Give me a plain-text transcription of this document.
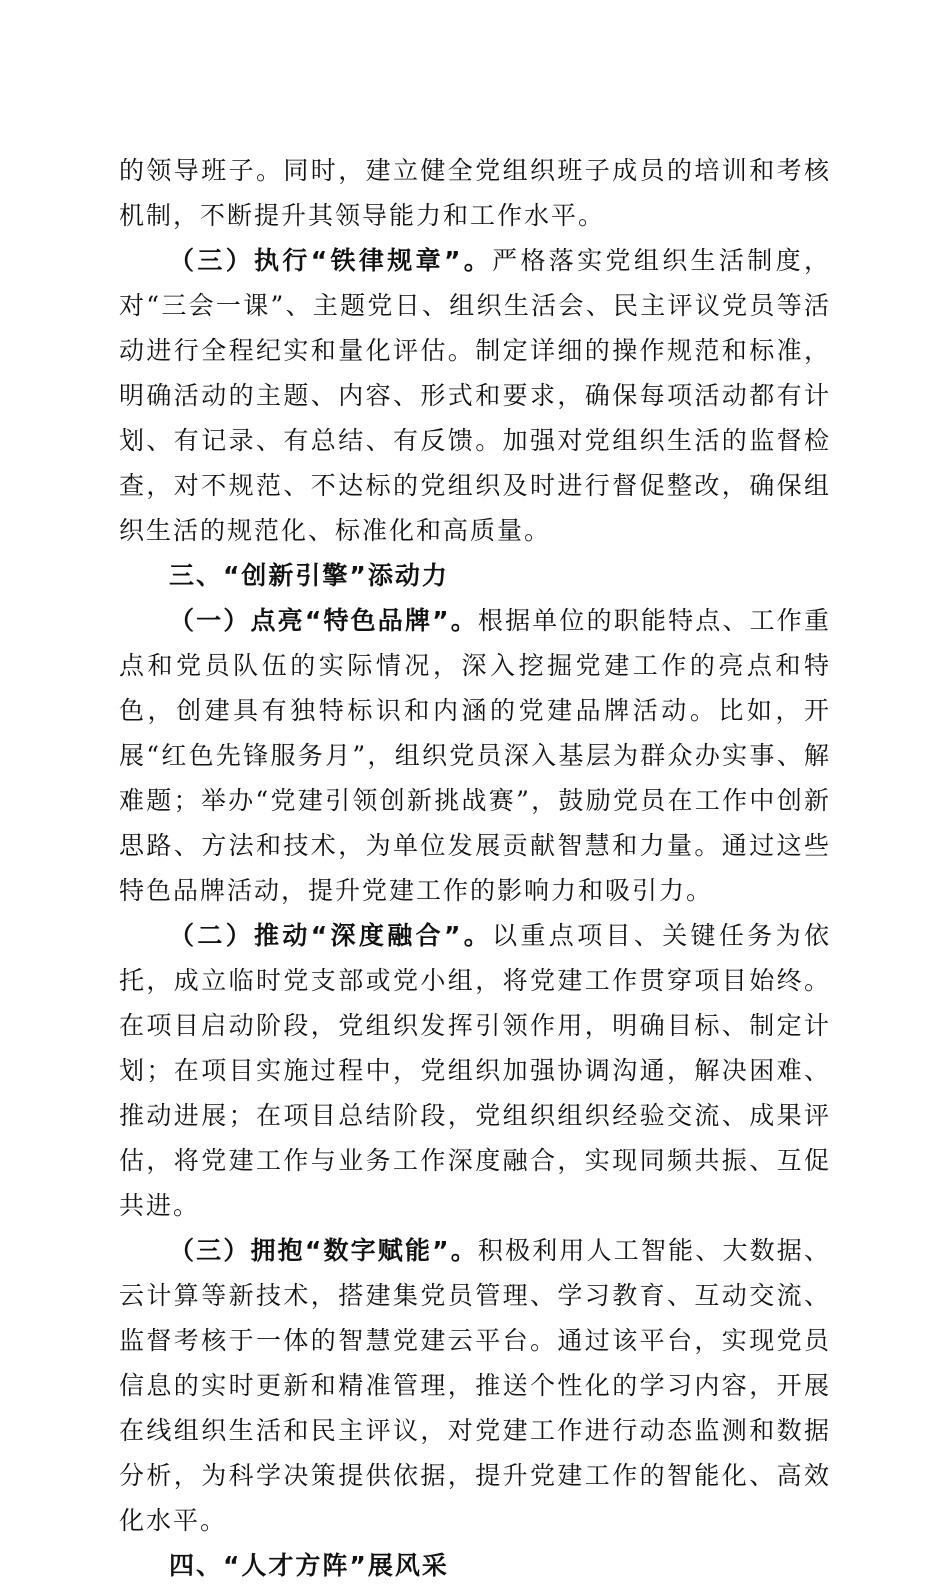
的领导班子。同时，建立健全党组织班子成员的培训和考核机制，不断提升其领导能力和工作水平。

（三）执行“铁律规章”。严格落实党组织生活制度，对“三会一课”、主题党日、组织生活会、民主评议党员等活动进行全程纪实和量化评估。制定详细的操作规范和标准，明确活动的主题、内容、形式和要求，确保每项活动都有计划、有记录、有总结、有反馈。加强对党组织生活的监督检查，对不规范、不达标的党组织及时进行督促整改，确保组织生活的规范化、标准化和高质量。

三、“创新引擎”添动力

（一）点亮“特色品牌”。根据单位的职能特点、工作重点和党员队伍的实际情况，深入挖掘党建工作的亮点和特色，创建具有独特标识和内涵的党建品牌活动。比如，开展“红色先锋服务月”，组织党员深入基层为群众办实事、解难题；举办“党建引领创新挑战赛”，鼓励党员在工作中创新思路、方法和技术，为单位发展贡献智慧和力量。通过这些特色品牌活动，提升党建工作的影响力和吸引力。

（二）推动“深度融合”。以重点项目、关键任务为依托，成立临时党支部或党小组，将党建工作贯穿项目始终。在项目启动阶段，党组织发挥引领作用，明确目标、制定计划；在项目实施过程中，党组织加强协调沟通，解决困难、推动进展；在项目总结阶段，党组织组织经验交流、成果评估，将党建工作与业务工作深度融合，实现同频共振、互促共进。

（三）拥抱“数字赋能”。积极利用人工智能、大数据、云计算等新技术，搭建集党员管理、学习教育、互动交流、监督考核于一体的智慧党建云平台。通过该平台，实现党员信息的实时更新和精准管理，推送个性化的学习内容，开展在线组织生活和民主评议，对党建工作进行动态监测和数据分析，为科学决策提供依据，提升党建工作的智能化、高效化水平。

四、“人才方阵”展风采
